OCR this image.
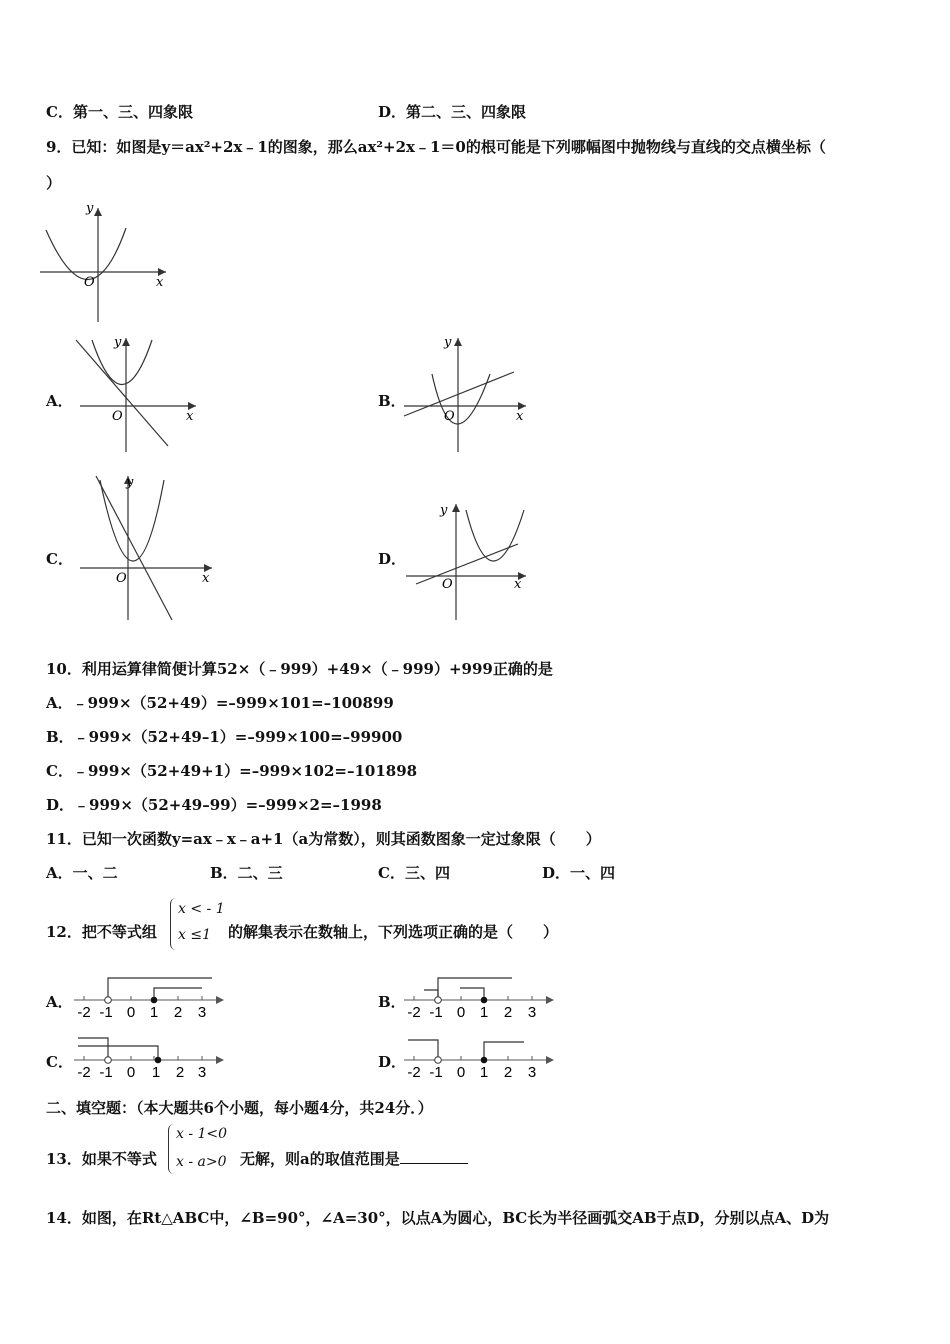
C．第一、三、四象限	D．第二、三、四象限
9．已知：如图是y＝ax²+2x﹣1的图象，那么ax²+2x﹣1＝0的根可能是下列哪幅图中抛物线与直线的交点横坐标（
）
y
x
O
A．
y
x
O
B．
y
x
O
C．
y
x
O
D．
y
x
O
10．利用运算律简便计算52×（﹣999）+49×（﹣999）+999正确的是
A．﹣999×（52+49）=–999×101=–100899
B．﹣999×（52+49–1）=–999×100=–99900
C．﹣999×（52+49+1）=–999×102=–101898
D．﹣999×（52+49–99）=–999×2=–1998
11．已知一次函数y=ax﹣x﹣a+1（a为常数），则其函数图象一定过象限（　　）
A．一、二	B．二、三	C．三、四	D．一、四
12．把不等式组
x < - 1
x ≤1 的解集表示在数轴上，下列选项正确的是（　　）
A．
-2 -1 0 1 2 3
B．
-2 -1 0 1 2 3
C．
-2 -1 0 1 2 3
D．
-2 -1 0 1 2 3
二、填空题：（本大题共6个小题，每小题4分，共24分．）
13．如果不等式
x - 1<0
x - a>0 无解，则a的取值范围是
14．如图，在Rt△ABC中，∠B=90°，∠A=30°，以点A为圆心，BC长为半径画弧交AB于点D，分别以点A、D为
